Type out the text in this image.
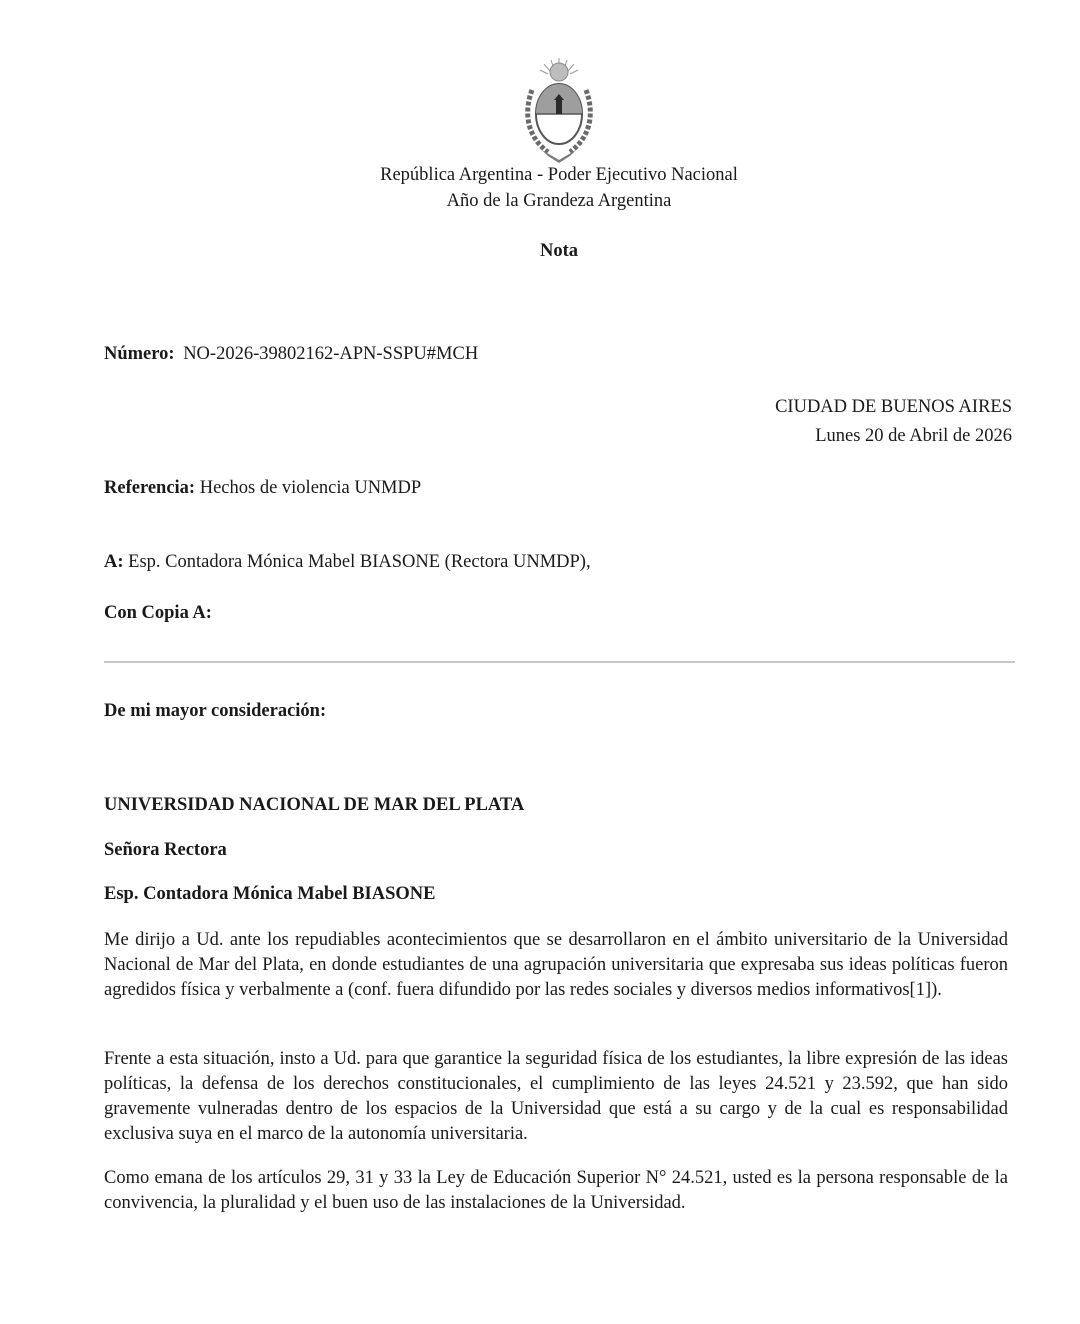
República Argentina - Poder Ejecutivo Nacional
Año de la Grandeza Argentina
Nota
Número: NO-2026-39802162-APN-SSPU#MCH
CIUDAD DE BUENOS AIRES
Lunes 20 de Abril de 2026
Referencia: Hechos de violencia UNMDP
A: Esp. Contadora Mónica Mabel BIASONE (Rectora UNMDP),
Con Copia A:
De mi mayor consideración:
UNIVERSIDAD NACIONAL DE MAR DEL PLATA
Señora Rectora
Esp. Contadora Mónica Mabel BIASONE

Me dirijo a Ud. ante los repudiables acontecimientos que se desarrollaron en el ámbito universitario de la Universidad Nacional de Mar del Plata, en donde estudiantes de una agrupación universitaria que expresaba sus ideas políticas fueron agredidos física y verbalmente a (conf. fuera difundido por las redes sociales y diversos medios informativos[1]).

Frente a esta situación, insto a Ud. para que garantice la seguridad física de los estudiantes, la libre expresión de las ideas políticas, la defensa de los derechos constitucionales, el cumplimiento de las leyes 24.521 y 23.592, que han sido gravemente vulneradas dentro de los espacios de la Universidad que está a su cargo y de la cual es responsabilidad exclusiva suya en el marco de la autonomía universitaria.

Como emana de los artículos 29, 31 y 33 la Ley de Educación Superior N° 24.521, usted es la persona responsable de la convivencia, la pluralidad y el buen uso de las instalaciones de la Universidad.
